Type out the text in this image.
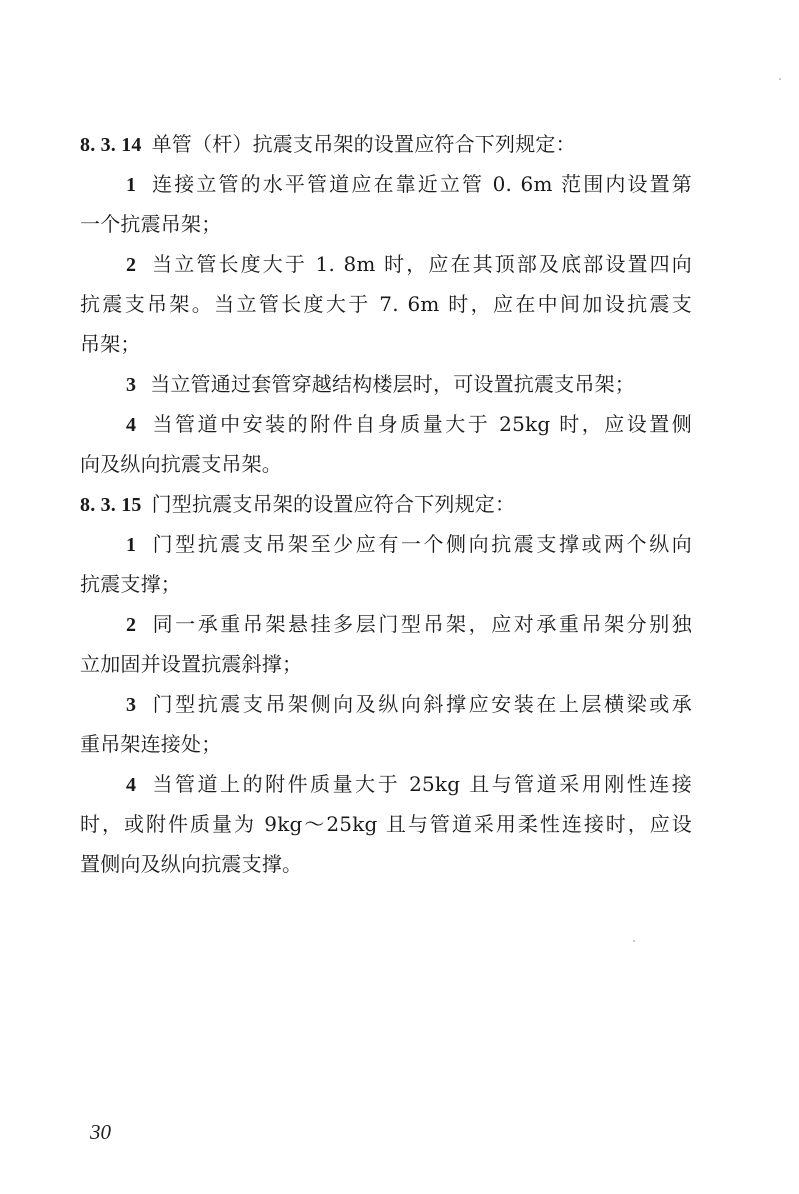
8. 3. 14 单管（杆）抗震支吊架的设置应符合下列规定：
1 连接立管的水平管道应在靠近立管 0. 6m 范围内设置第
一个抗震吊架；
2 当立管长度大于 1. 8m 时，应在其顶部及底部设置四向
抗震支吊架。当立管长度大于 7. 6m 时，应在中间加设抗震支
吊架；
3 当立管通过套管穿越结构楼层时，可设置抗震支吊架；
4 当管道中安装的附件自身质量大于 25kg 时，应设置侧
向及纵向抗震支吊架。
8. 3. 15 门型抗震支吊架的设置应符合下列规定：
1 门型抗震支吊架至少应有一个侧向抗震支撑或两个纵向
抗震支撑；
2 同一承重吊架悬挂多层门型吊架，应对承重吊架分别独
立加固并设置抗震斜撑；
3 门型抗震支吊架侧向及纵向斜撑应安装在上层横梁或承
重吊架连接处；
4 当管道上的附件质量大于 25kg 且与管道采用刚性连接
时，或附件质量为 9kg～25kg 且与管道采用柔性连接时，应设
置侧向及纵向抗震支撑。
30
